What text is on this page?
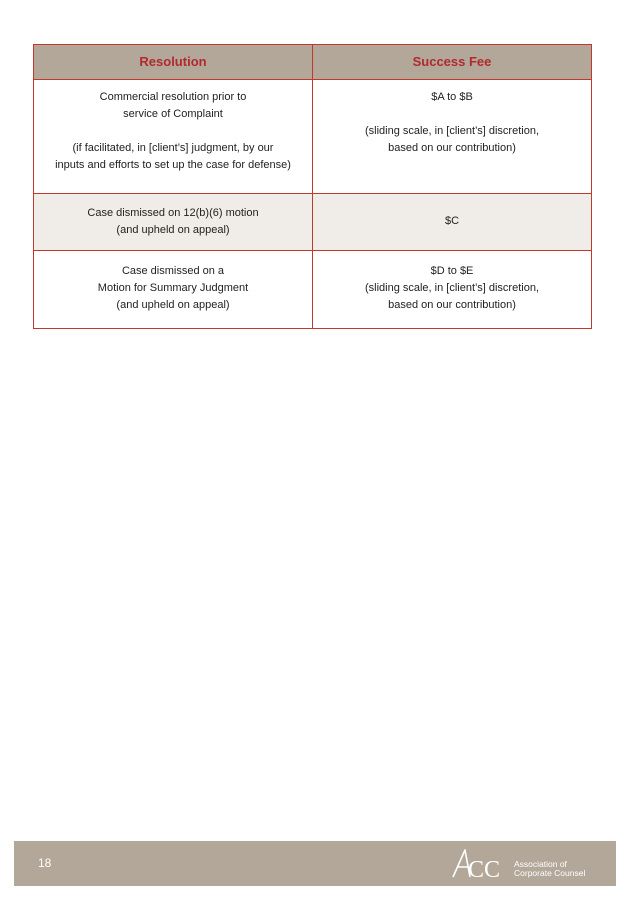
Resolution	Success Fee
Commercial resolution prior to
service of Complaint
(if facilitated, in [client’s] judgment, by our
inputs and efforts to set up the case for defense)
$A to $B
(sliding scale, in [client’s] discretion,
based on our contribution)
Case dismissed on 12(b)(6) motion
(and upheld on appeal)
$C
Case dismissed on a
Motion for Summary Judgment
(and upheld on appeal)
$D to $E
(sliding scale, in [client’s] discretion,
based on our contribution)
18	CC Association of
Corporate Counsel
